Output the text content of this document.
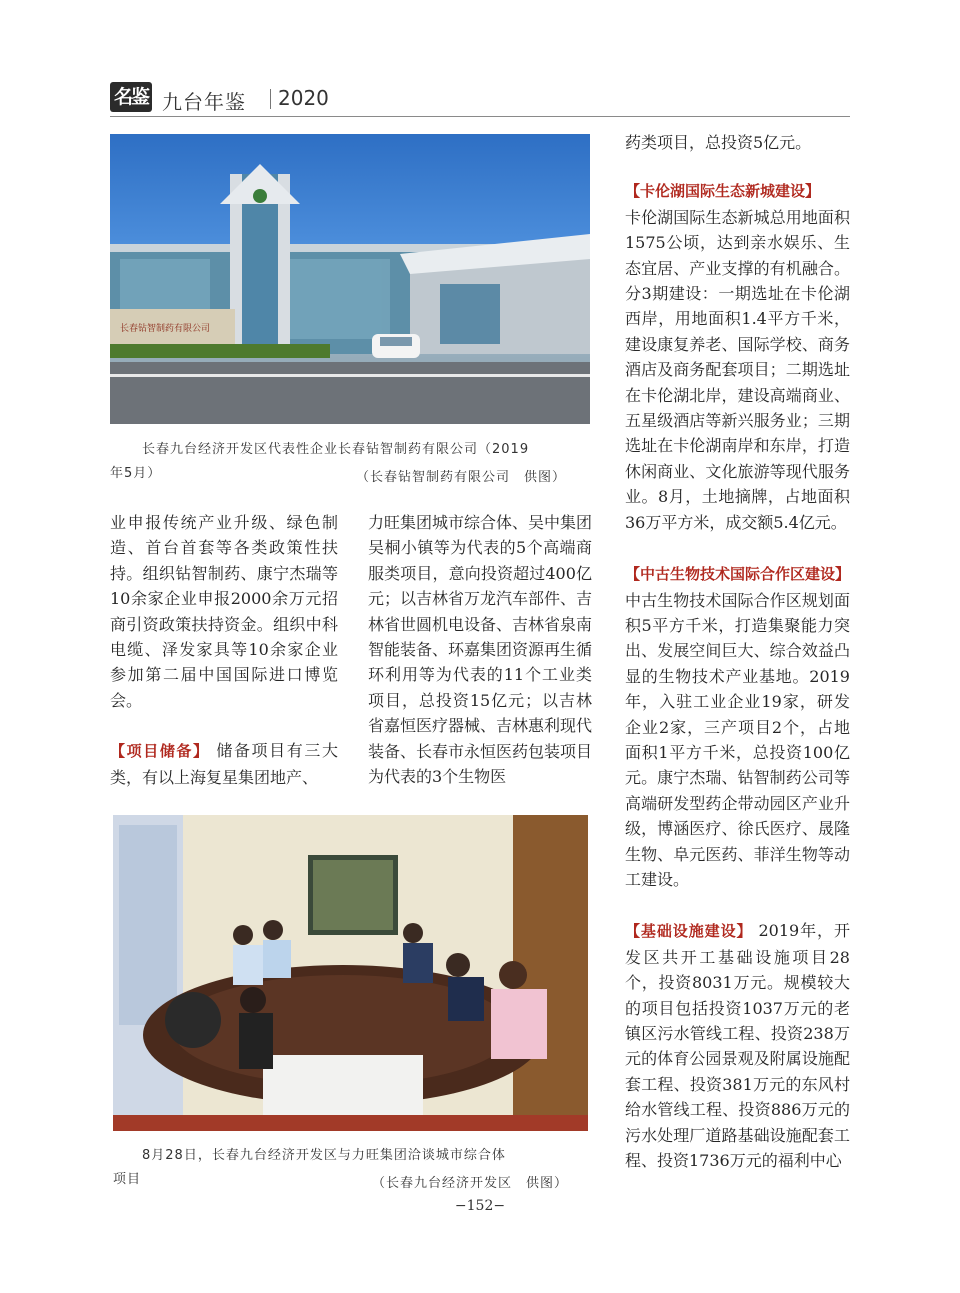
名鉴 九台年鉴 2020
长春钻智制药有限公司
长春九台经济开发区代表性企业长春钻智制药有限公司（2019
年5月）	（长春钻智制药有限公司　供图）

业申报传统产业升级、绿色制造、首台首套等各类政策性扶持。组织钻智制药、康宁杰瑞等10余家企业申报2000余万元招商引资政策扶持资金。组织中科电缆、泽发家具等10余家企业参加第二届中国国际进口博览会。

【项目储备】 储备项目有三大类，有以上海复星集团地产、

力旺集团城市综合体、吴中集团吴桐小镇等为代表的5个高端商服类项目，意向投资超过400亿元；以吉林省万龙汽车部件、吉林省世圆机电设备、吉林省泉南智能装备、环嘉集团资源再生循环利用等为代表的11个工业类项目，总投资15亿元；以吉林省嘉恒医疗器械、吉林惠利现代装备、长春市永恒医药包装项目为代表的3个生物医

8月28日，长春九台经济开发区与力旺集团洽谈城市综合体
项目	（长春九台经济开发区　供图）

药类项目，总投资5亿元。

【卡伦湖国际生态新城建设】

卡伦湖国际生态新城总用地面积1575公顷，达到亲水娱乐、生态宜居、产业支撑的有机融合。分3期建设：一期选址在卡伦湖西岸，用地面积1.4平方千米，建设康复养老、国际学校、商务酒店及商务配套项目；二期选址在卡伦湖北岸，建设高端商业、五星级酒店等新兴服务业；三期选址在卡伦湖南岸和东岸，打造休闲商业、文化旅游等现代服务业。8月，土地摘牌，占地面积36万平方米，成交额5.4亿元。

【中古生物技术国际合作区建设】 中古生物技术国际合作区规划面积5平方千米，打造集聚能力突出、发展空间巨大、综合效益凸显的生物技术产业基地。2019年，入驻工业企业19家，研发企业2家，三产项目2个，占地面积1平方千米，总投资100亿元。康宁杰瑞、钻智制药公司等高端研发型药企带动园区产业升级，博涵医疗、徐氏医疗、晟隆生物、阜元医药、菲洋生物等动工建设。

【基础设施建设】 2019年，开发区共开工基础设施项目28个，投资8031万元。规模较大的项目包括投资1037万元的老镇区污水管线工程、投资238万元的体育公园景观及附属设施配套工程、投资381万元的东风村给水管线工程、投资886万元的污水处理厂道路基础设施配套工程、投资1736万元的福利中心

−152−
